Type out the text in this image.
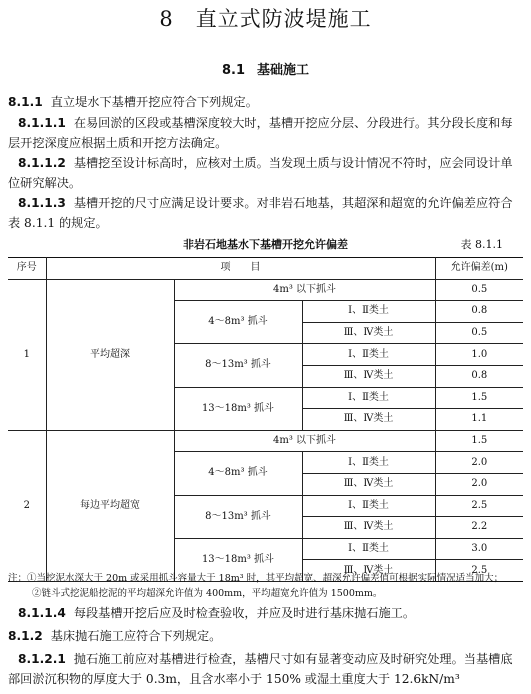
8 直立式防波堤施工
8.1 基础施工

8.1.1 直立堤水下基槽开挖应符合下列规定。

8.1.1.1 在易回淤的区段或基槽深度较大时，基槽开挖应分层、分段进行。其分段长度和每层开挖深度应根据土质和开挖方法确定。

8.1.1.2 基槽挖至设计标高时，应核对土质。当发现土质与设计情况不符时，应会同设计单位研究解决。

8.1.1.3 基槽开挖的尺寸应满足设计要求。对非岩石地基，其超深和超宽的允许偏差应符合表 8.1.1 的规定。

非岩石地基水下基槽开挖允许偏差	表 8.1.1
序号	项　　目			允许偏差(m)
1	平均超深	4m³ 以下抓斗		0.5
		4～8m³ 抓斗	Ⅰ、Ⅱ类土	0.8
			Ⅲ、Ⅳ类土	0.5
		8～13m³ 抓斗	Ⅰ、Ⅱ类土	1.0
			Ⅲ、Ⅳ类土	0.8
		13～18m³ 抓斗	Ⅰ、Ⅱ类土	1.5
			Ⅲ、Ⅳ类土	1.1
2	每边平均超宽	4m³ 以下抓斗		1.5
		4～8m³ 抓斗	Ⅰ、Ⅱ类土	2.0
			Ⅲ、Ⅳ类土	2.0
		8～13m³ 抓斗	Ⅰ、Ⅱ类土	2.5
			Ⅲ、Ⅳ类土	2.2
		13～18m³ 抓斗	Ⅰ、Ⅱ类土	3.0
			Ⅲ、Ⅳ类土	2.5
注：①当挖泥水深大于 20m 或采用抓斗容量大于 18m³ 时，其平均超宽、超深允许偏差值可根据实际情况适当加大；
②链斗式挖泥船挖泥的平均超深允许值为 400mm，平均超宽允许值为 1500mm。

8.1.1.4 每段基槽开挖后应及时检查验收，并应及时进行基床抛石施工。

8.1.2 基床抛石施工应符合下列规定。

8.1.2.1 抛石施工前应对基槽进行检查，基槽尺寸如有显著变动应及时研究处理。当基槽底部回淤沉积物的厚度大于 0.3m，且含水率小于 150% 或湿土重度大于 12.6kN/m³
